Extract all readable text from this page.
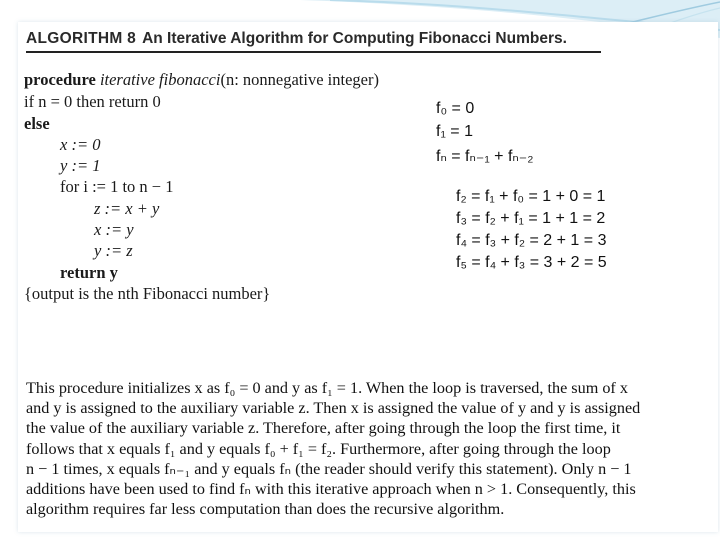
ALGORITHM 8 An Iterative Algorithm for Computing Fibonacci Numbers.
procedure iterative fibonacci(n: nonnegative integer)
if n = 0 then return 0
else
x := 0
y := 1
for i := 1 to n − 1
z := x + y
x := y
y := z
return y
{output is the nth Fibonacci number}
f₀ = 0
f₁ = 1
fₙ = fₙ₋₁ + fₙ₋₂
f₂ = f₁ + f₀ = 1 + 0 = 1
f₃ = f₂ + f₁ = 1 + 1 = 2
f₄ = f₃ + f₂ = 2 + 1 = 3
f₅ = f₄ + f₃ = 3 + 2 = 5
This procedure initializes x as f₀ = 0 and y as f₁ = 1. When the loop is traversed, the sum of x
and y is assigned to the auxiliary variable z. Then x is assigned the value of y and y is assigned
the value of the auxiliary variable z. Therefore, after going through the loop the first time, it
follows that x equals f₁ and y equals f₀ + f₁ = f₂. Furthermore, after going through the loop
n − 1 times, x equals fₙ₋₁ and y equals fₙ (the reader should verify this statement). Only n − 1
additions have been used to find fₙ with this iterative approach when n > 1. Consequently, this
algorithm requires far less computation than does the recursive algorithm.
